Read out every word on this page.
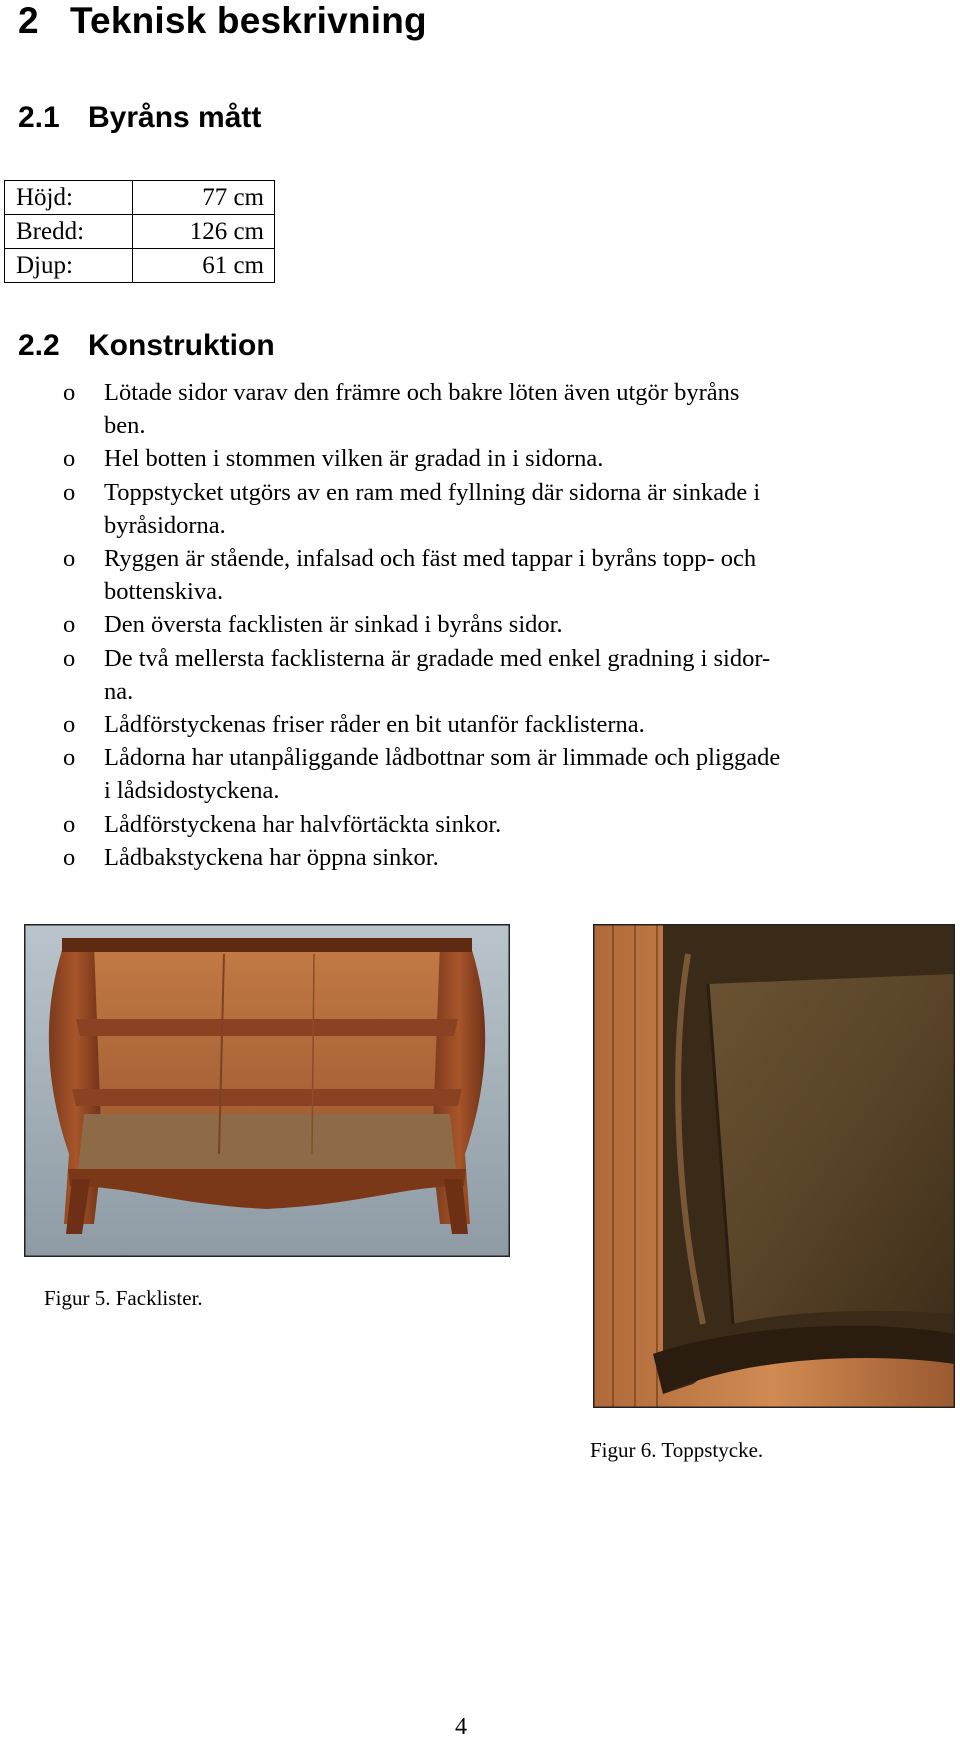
2 Teknisk beskrivning
2.1 Byråns mått
Höjd:	77 cm
Bredd:	126 cm
Djup:	61 cm
2.2 Konstruktion
o Lötade sidor varav den främre och bakre löten även utgör byråns
ben.
o Hel botten i stommen vilken är gradad in i sidorna.
o Toppstycket utgörs av en ram med fyllning där sidorna är sinkade i
byråsidorna.
o Ryggen är stående, infalsad och fäst med tappar i byråns topp- och
bottenskiva.
o Den översta facklisten är sinkad i byråns sidor.
o De två mellersta facklisterna är gradade med enkel gradning i sidor-
na.
o Lådförstyckenas friser råder en bit utanför facklisterna.
o Lådorna har utanpåliggande lådbottnar som är limmade och pliggade
i lådsidostyckena.
o Lådförstyckena har halvförtäckta sinkor.
o Lådbakstyckena har öppna sinkor.
Figur 5. Facklister.
Figur 6. Toppstycke.
4
